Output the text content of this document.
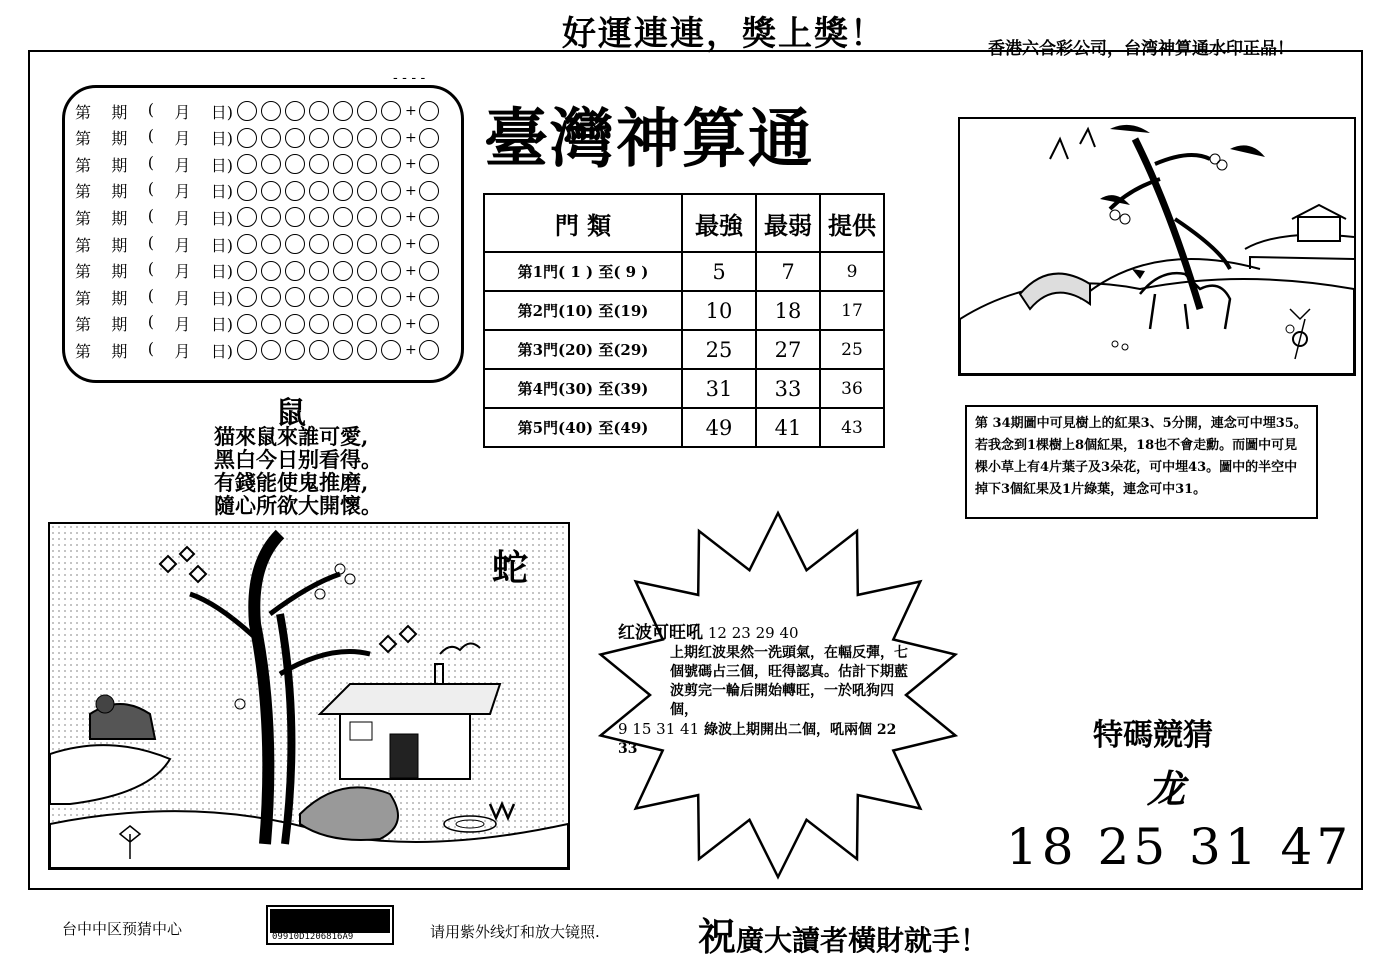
好運連連，獎上獎！	香港六合彩公司，台湾神算通水印正品！
- - - -
臺灣神算通
第 期 ( 月 日)	+
第 期 ( 月 日)	+
第 期 ( 月 日)	+
第 期 ( 月 日)	+
第 期 ( 月 日)	+
第 期 ( 月 日)	+
第 期 ( 月 日)	+
第 期 ( 月 日)	+
第 期 ( 月 日)	+
第 期 ( 月 日)	+
門 類	最強	最弱	提供
第1門( 1 ) 至( 9 )	5	7	9
第2門(10) 至(19)	10	18	17
第3門(20) 至(29)	25	27	25
第4門(30) 至(39)	31	33	36
第5門(40) 至(49)	49	41	43
鼠
猫來鼠來誰可愛,
黑白今日别看得。
有錢能使鬼推磨,
隨心所欲大開懷。
第 34期圖中可見樹上的紅果3、5分開，連念可中埋35。若我念到1棵樹上8個紅果，18也不會走勳。而圖中可見棵小草上有4片葉子及3朵花，可中埋43。圖中的半空中掉下3個紅果及1片綠葉，連念可中31。
蛇
红波可旺吼 12 23 29 40
上期红波果然一洗頭氣，在輻反彈，七個號碼占三個，旺得認真。估計下期藍波剪完一輪后開始轉旺，一於吼狗四個，
9 15 31 41 綠波上期開出二個，吼兩個 22 33	特碼競猜
龙
18 25 31 47
台中中区预猜中心	09910D1206816A9	请用紫外线灯和放大镜照.	祝廣大讀者橫財就手！
